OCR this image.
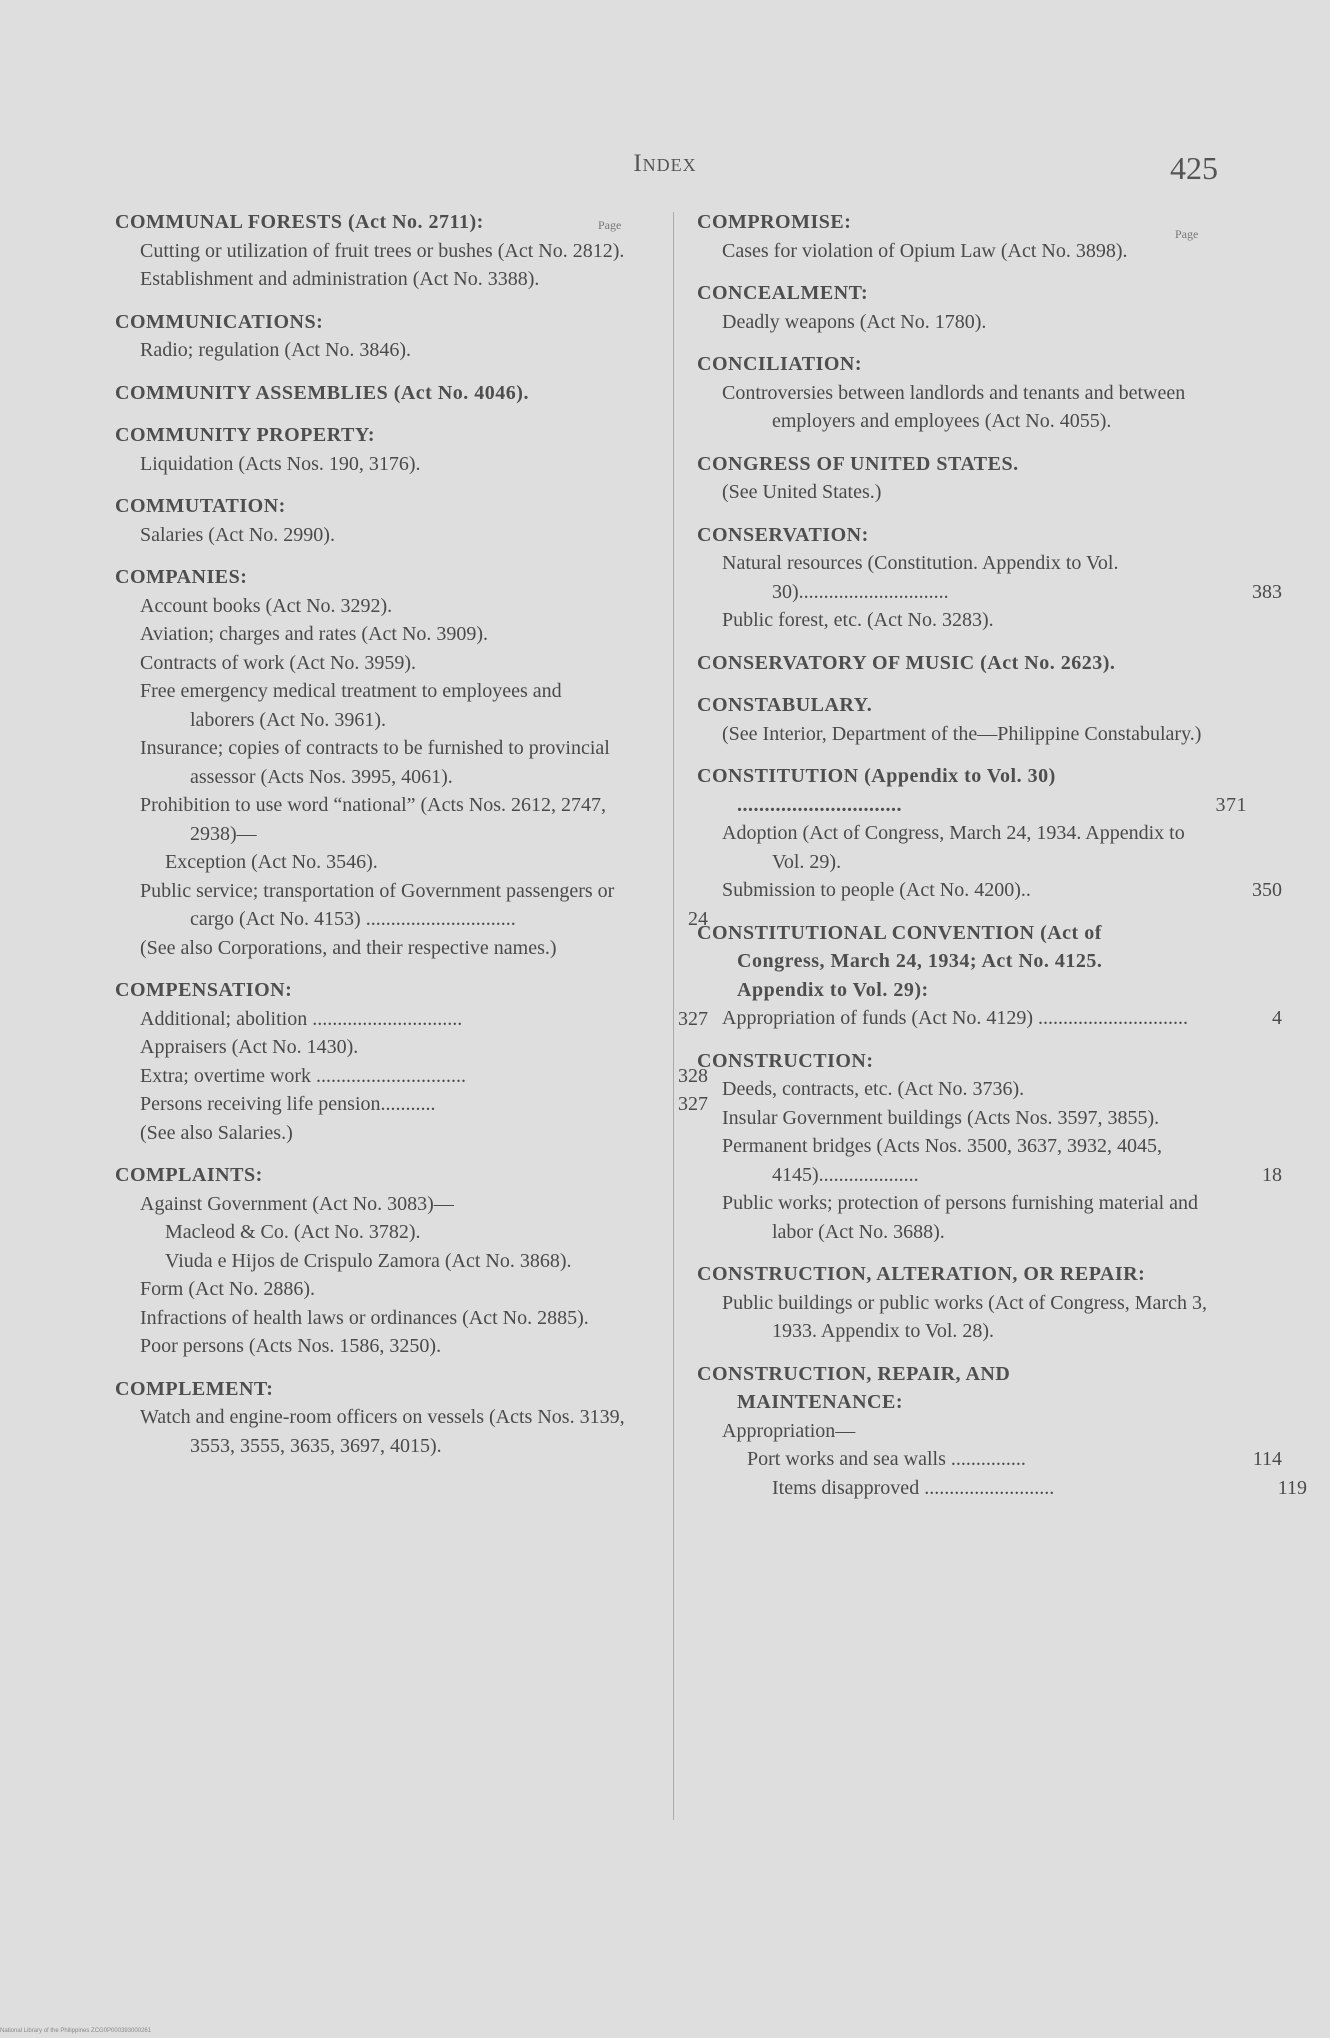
Index	425
Page
Page
COMMUNAL FORESTS (Act No. 2711):
Cutting or utilization of fruit trees or bushes (Act No. 2812).
Establishment and administration (Act No. 3388).
COMMUNICATIONS:
Radio; regulation (Act No. 3846).
COMMUNITY ASSEMBLIES (Act No. 4046).
COMMUNITY PROPERTY:
Liquidation (Acts Nos. 190, 3176).
COMMUTATION:
Salaries (Act No. 2990).
COMPANIES:
Account books (Act No. 3292).
Aviation; charges and rates (Act No. 3909).
Contracts of work (Act No. 3959).
Free emergency medical treatment to employees and laborers (Act No. 3961).
Insurance; copies of contracts to be furnished to provincial assessor (Acts Nos. 3995, 4061).
Prohibition to use word “national” (Acts Nos. 2612, 2747, 2938)—
Exception (Act No. 3546).
Public service; transportation of Government passengers or cargo (Act No. 4153) ..............................	24
(See also Corporations, and their respective names.)
COMPENSATION:
Additional; abolition ..............................	327
Appraisers (Act No. 1430).
Extra; overtime work ..............................	328
Persons receiving life pension...........	327
(See also Salaries.)
COMPLAINTS:
Against Government (Act No. 3083)—
Macleod & Co. (Act No. 3782).
Viuda e Hijos de Crispulo Zamora (Act No. 3868).
Form (Act No. 2886).
Infractions of health laws or ordinances (Act No. 2885).
Poor persons (Acts Nos. 1586, 3250).
COMPLEMENT:
Watch and engine-room officers on vessels (Acts Nos. 3139, 3553, 3555, 3635, 3697, 4015).
COMPROMISE:
Cases for violation of Opium Law (Act No. 3898).
CONCEALMENT:
Deadly weapons (Act No. 1780).
CONCILIATION:
Controversies between landlords and tenants and between employers and employees (Act No. 4055).
CONGRESS OF UNITED STATES.
(See United States.)
CONSERVATION:
Natural resources (Constitution. Appendix to Vol. 30)..............................	383
Public forest, etc. (Act No. 3283).
CONSERVATORY OF MUSIC (Act No. 2623).
CONSTABULARY.
(See Interior, Department of the—Philippine Constabulary.)
CONSTITUTION (Appendix to Vol. 30) ..............................	371
Adoption (Act of Congress, March 24, 1934. Appendix to Vol. 29).
Submission to people (Act No. 4200)..	350
CONSTITUTIONAL CONVENTION (Act of Congress, March 24, 1934; Act No. 4125. Appendix to Vol. 29):
Appropriation of funds (Act No. 4129) ..............................	4
CONSTRUCTION:
Deeds, contracts, etc. (Act No. 3736).
Insular Government buildings (Acts Nos. 3597, 3855).
Permanent bridges (Acts Nos. 3500, 3637, 3932, 4045, 4145)....................	18
Public works; protection of persons furnishing material and labor (Act No. 3688).
CONSTRUCTION, ALTERATION, OR REPAIR:
Public buildings or public works (Act of Congress, March 3, 1933. Appendix to Vol. 28).
CONSTRUCTION, REPAIR, AND MAINTENANCE:
Appropriation—
Port works and sea walls ...............	114
Items disapproved ..........................	119
National Library of the Philippines ZCG0P000393000261
